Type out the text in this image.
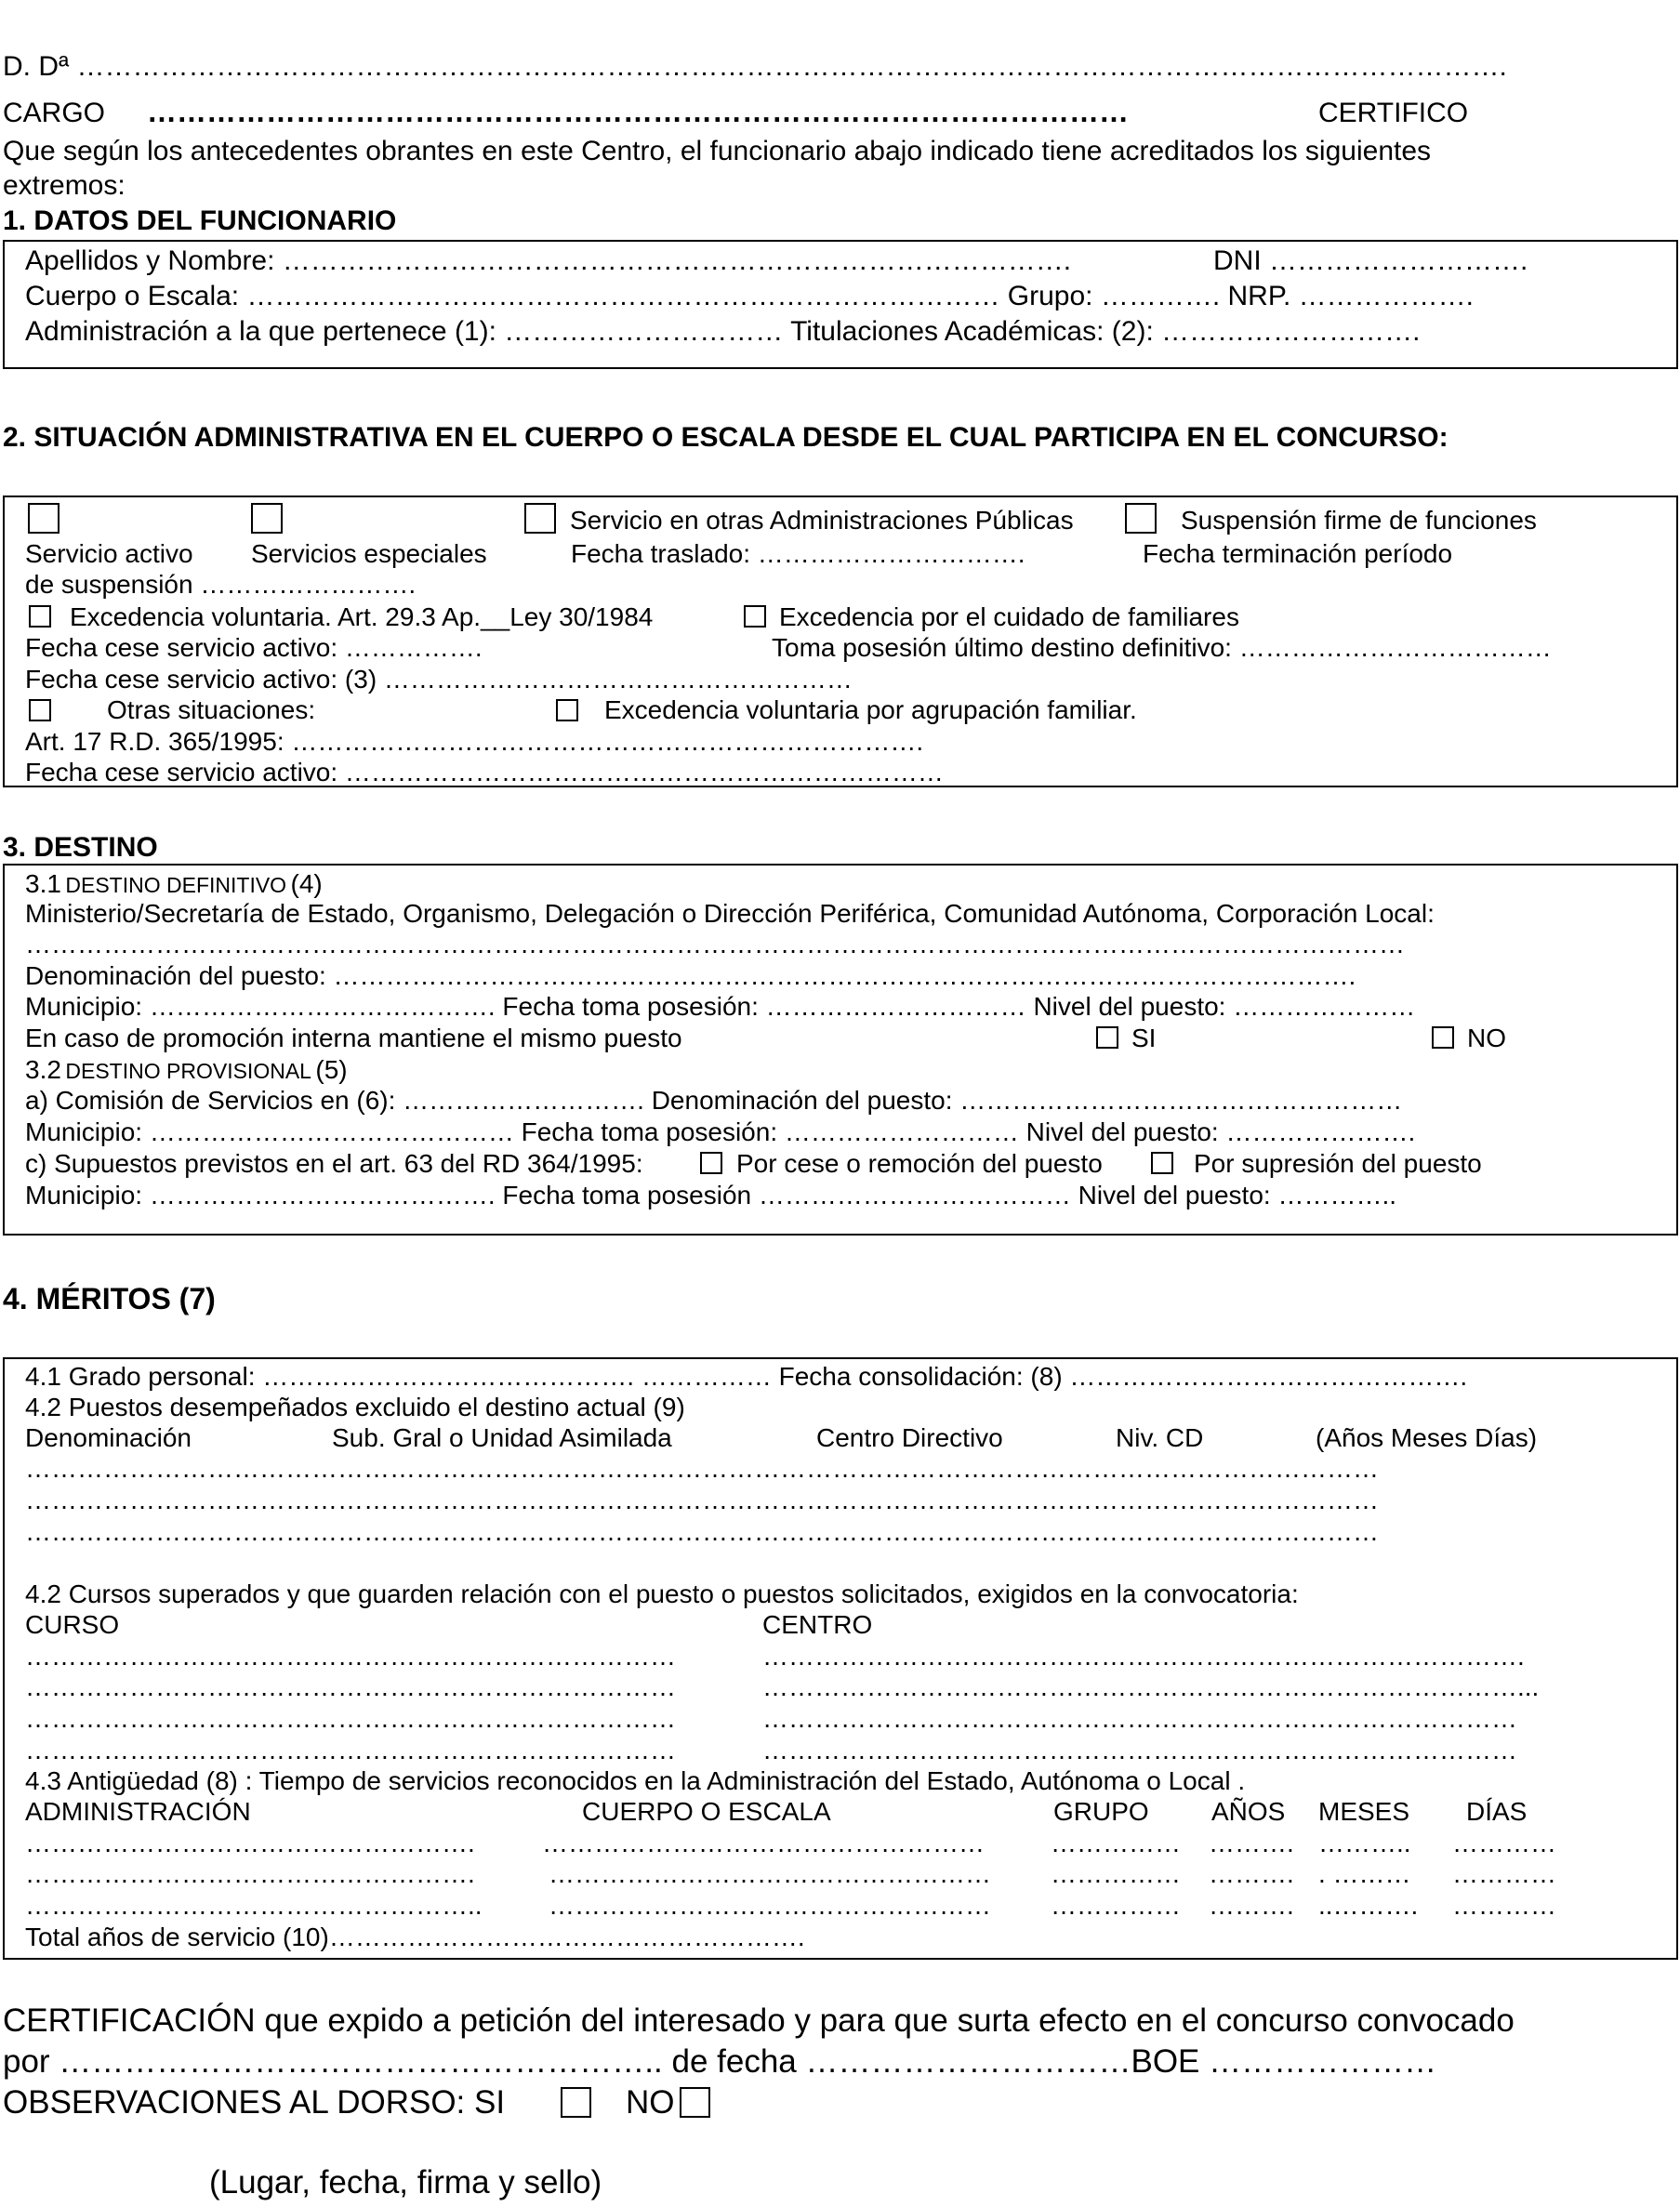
D. Dª ……………………………………………………………………………………………………………………………………….
CARGO ………………………………………………………………………………………	CERTIFICO
Que según los antecedentes obrantes en este Centro, el funcionario abajo indicado tiene acreditados los siguientes
extremos:
1. DATOS DEL FUNCIONARIO
Apellidos y Nombre: ………………………………………………………………………….	DNI ……………………….
Cuerpo o Escala: ……………………………………………………………………… Grupo: …………. NRP. ……………….
Administración a la que pertenece (1): ………………………… Titulaciones Académicas: (2): ……………………….
2. SITUACIÓN ADMINISTRATIVA EN EL CUERPO O ESCALA DESDE EL CUAL PARTICIPA EN EL CONCURSO:
Servicio en otras Administraciones Públicas	Suspensión firme de funciones
Servicio activo Servicios especiales	Fecha traslado: ………………………….	Fecha terminación período
de suspensión …………………….
Excedencia voluntaria. Art. 29.3 Ap.__Ley 30/1984	Excedencia por el cuidado de familiares
Fecha cese servicio activo: …………….	Toma posesión último destino definitivo: ………………………………
Fecha cese servicio activo: (3) ………………………………………………
Otras situaciones:	Excedencia voluntaria por agrupación familiar.
Art. 17 R.D. 365/1995: ……………………………………………………………….
Fecha cese servicio activo: ……………………………………………………………
3. DESTINO
3.1 DESTINO DEFINITIVO (4)
Ministerio/Secretaría de Estado, Organismo, Delegación o Dirección Periférica, Comunidad Autónoma, Corporación Local:
……………………………………………………………………………………………………………………………………………
Denominación del puesto: ……………………………………………………………………………………………………….
Municipio: …………………………………. Fecha toma posesión: ………………………… Nivel del puesto: …………………
En caso de promoción interna mantiene el mismo puesto	SI	NO
3.2 DESTINO PROVISIONAL (5)
a) Comisión de Servicios en (6): ………………………. Denominación del puesto: ……………………………………………
Municipio: …………………………………… Fecha toma posesión: ……………………… Nivel del puesto: ………………….
c) Supuestos previstos en el art. 63 del RD 364/1995:	Por cese o remoción del puesto	Por supresión del puesto
Municipio: …………………………………. Fecha toma posesión ……………………………… Nivel del puesto: …………..
4. MÉRITOS (7)
4.1 Grado personal: ……………………………………. …………… Fecha consolidación: (8) ……………………………………….
4.2 Puestos desempeñados excluido el destino actual (9)
Denominación	Sub. Gral o Unidad Asimilada	Centro Directivo	Niv. CD	(Años Meses Días)
…………………………………………………………………………………………………………………………………………
…………………………………………………………………………………………………………………………………………
…………………………………………………………………………………………………………………………………………
4.2 Cursos superados y que guarden relación con el puesto o puestos solicitados, exigidos en la convocatoria:
CURSO	CENTRO
…………………………………………………………………	…………………………………………………………………………….
…………………………………………………………………	……………………………………………………………………………...
…………………………………………………………………	……………………………………………………………………………
…………………………………………………………………	……………………………………………………………………………
4.3 Antigüedad (8) : Tiempo de servicios reconocidos en la Administración del Estado, Autónoma o Local .
ADMINISTRACIÓN	CUERPO O ESCALA	GRUPO AÑOS MESES DÍAS
…………………………………………….	……………………………………………	…………… ………. ……….. …………
…………………………………………….	…………………………………………… …………… ………. . ……… …………
……………………………………………..	…………………………………………… …………… ………. ..………. …………
Total años de servicio (10)……………………………………………….
CERTIFICACIÓN que expido a petición del interesado y para que surta efecto en el concurso convocado
por ……………………………………………….. de fecha …………………………BOE …………………
OBSERVACIONES AL DORSO: SI	NO
(Lugar, fecha, firma y sello)
